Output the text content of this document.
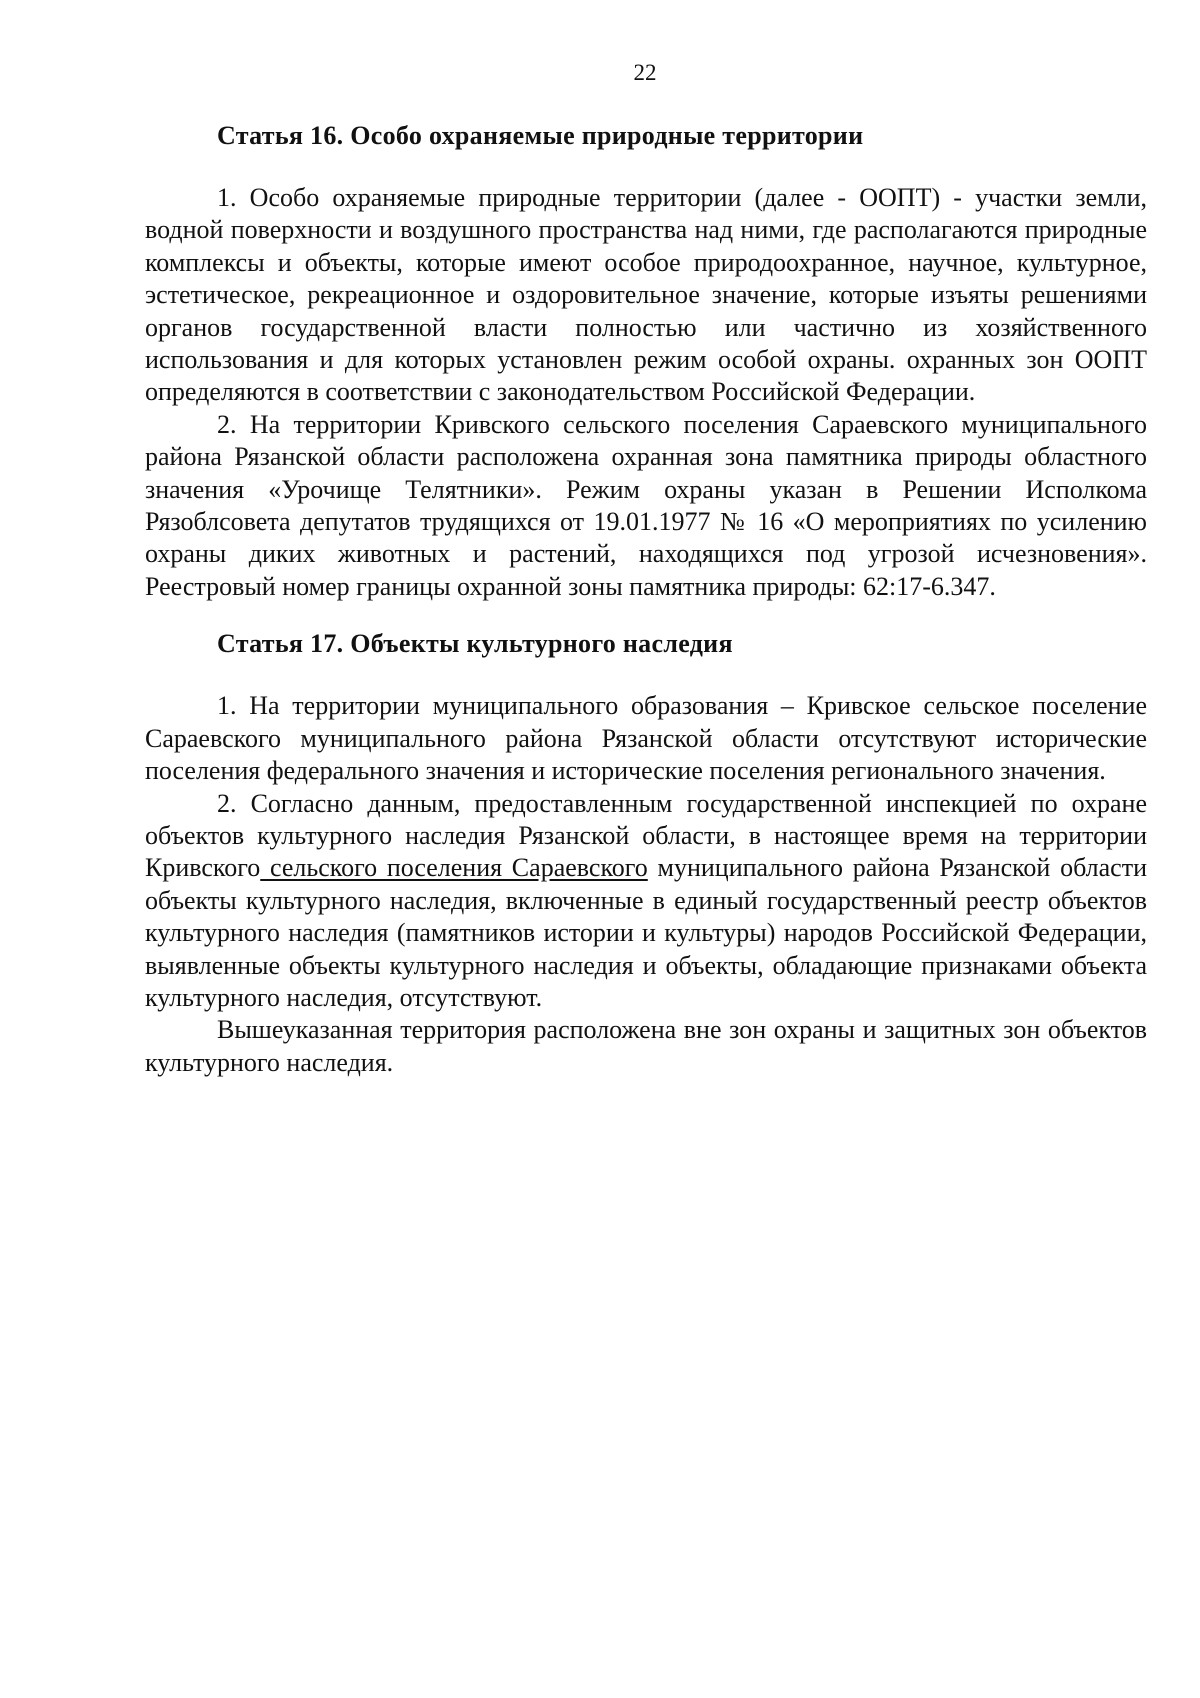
22
Статья 16. Особо охраняемые природные территории

1. Особо охраняемые природные территории (далее - ООПТ) - участки земли, водной поверхности и воздушного пространства над ними, где располагаются природные комплексы и объекты, которые имеют особое природоохранное, научное, культурное, эстетическое, рекреационное и оздоровительное значение, которые изъяты решениями органов государственной власти полностью или частично из хозяйственного использования и для которых установлен режим особой охраны. охранных зон ООПТ определяются в соответствии с законодательством Российской Федерации.

2. На территории Кривского сельского поселения Сараевского муниципального района Рязанской области расположена охранная зона памятника природы областного значения «Урочище Телятники». Режим охраны указан в Решении Исполкома Рязоблсовета депутатов трудящихся от 19.01.1977 № 16 «О мероприятиях по усилению охраны диких животных и растений, находящихся под угрозой исчезновения». Реестровый номер границы охранной зоны памятника природы: 62:17-6.347.

Статья 17. Объекты культурного наследия

1. На территории муниципального образования – Кривское сельское поселение Сараевского муниципального района Рязанской области отсутствуют исторические поселения федерального значения и исторические поселения регионального значения.

2. Согласно данным, предоставленным государственной инспекцией по охране объектов культурного наследия Рязанской области, в настоящее время на территории Кривского сельского поселения Сараевского муниципального района Рязанской области объекты культурного наследия, включенные в единый государственный реестр объектов культурного наследия (памятников истории и культуры) народов Российской Федерации, выявленные объекты культурного наследия и объекты, обладающие признаками объекта культурного наследия, отсутствуют.

Вышеуказанная территория расположена вне зон охраны и защитных зон объектов культурного наследия.
